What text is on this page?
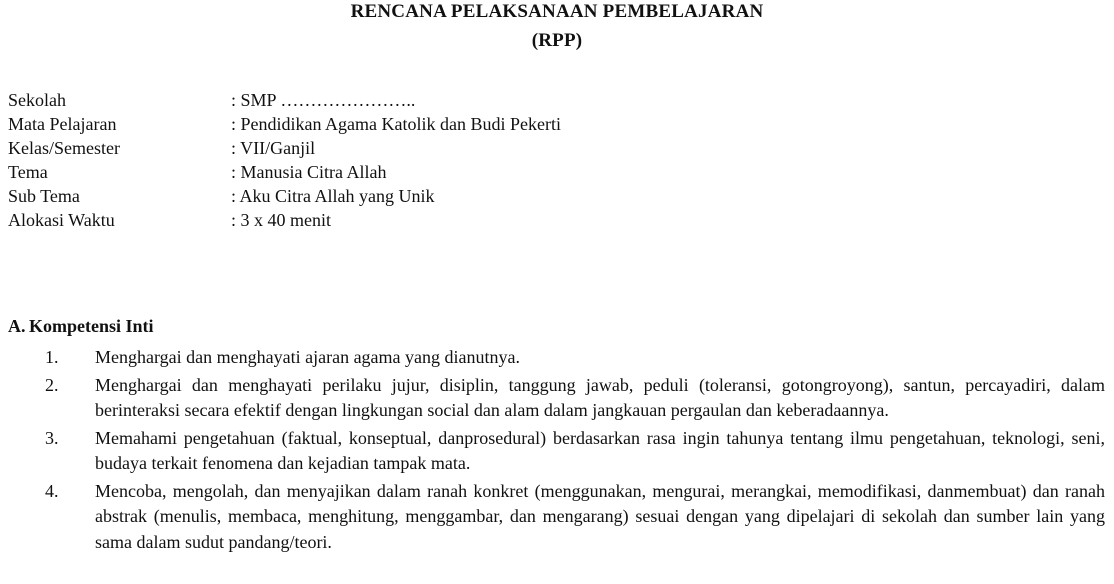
RENCANA PELAKSANAAN PEMBELAJARAN
(RPP)
Sekolah	: SMP …………………..
Mata Pelajaran	: Pendidikan Agama Katolik dan Budi Pekerti
Kelas/Semester	: VII/Ganjil
Tema	: Manusia Citra Allah
Sub Tema	: Aku Citra Allah yang Unik
Alokasi Waktu	: 3 x 40 menit
A. Kompetensi Inti
1.	Menghargai dan menghayati ajaran agama yang dianutnya.
2.	Menghargai dan menghayati perilaku jujur, disiplin, tanggung jawab, peduli (toleransi, gotongroyong), santun, percayadiri, dalam berinteraksi secara efektif dengan lingkungan social dan alam dalam jangkauan pergaulan dan keberadaannya.
3.	Memahami pengetahuan (faktual, konseptual, danprosedural) berdasarkan rasa ingin tahunya tentang ilmu pengetahuan, teknologi, seni, budaya terkait fenomena dan kejadian tampak mata.
4.	Mencoba, mengolah, dan menyajikan dalam ranah konkret (menggunakan, mengurai, merangkai, memodifikasi, danmembuat) dan ranah abstrak (menulis, membaca, menghitung, menggambar, dan mengarang) sesuai dengan yang dipelajari di sekolah dan sumber lain yang sama dalam sudut pandang/teori.
